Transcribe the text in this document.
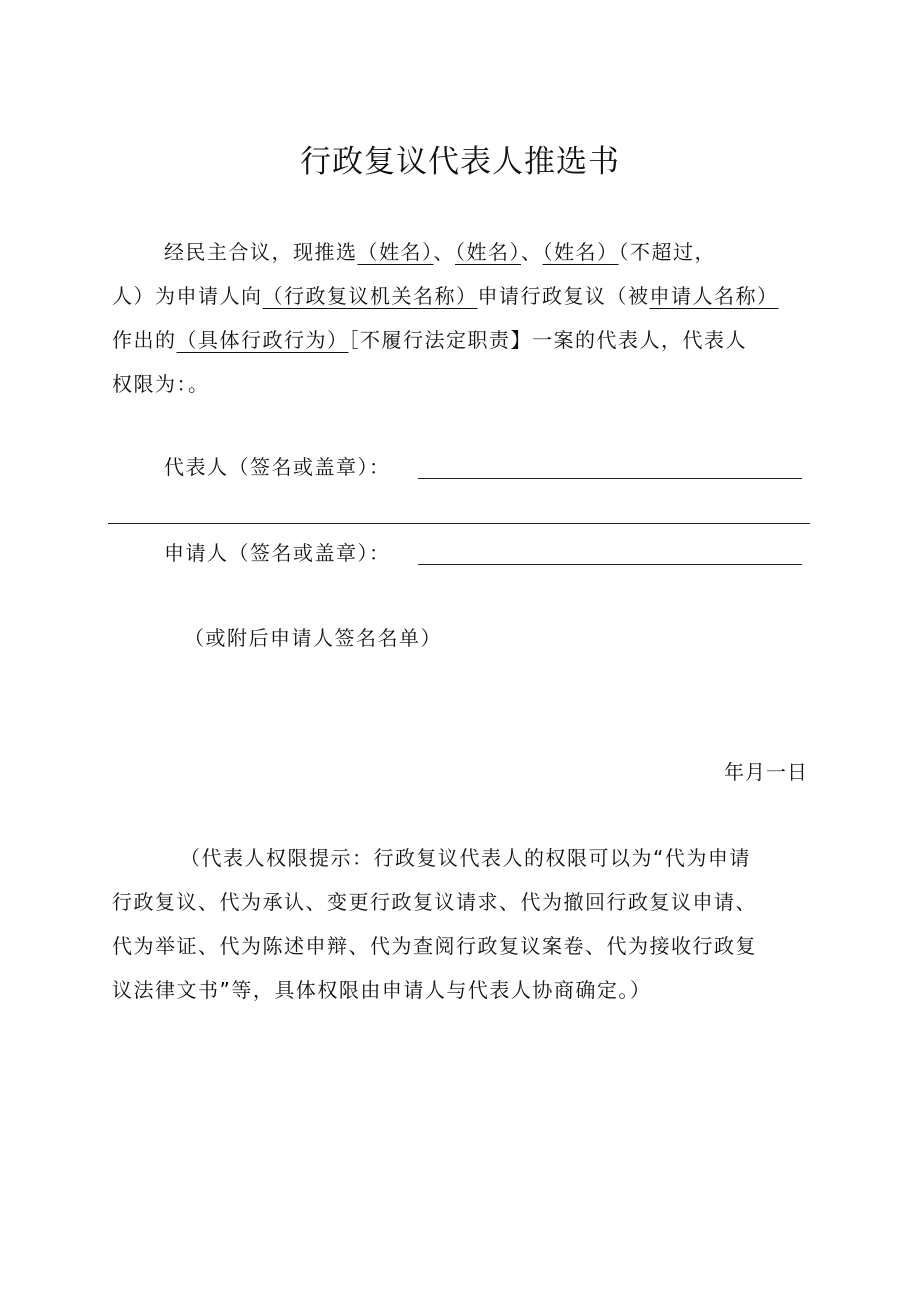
行政复议代表人推选书
经民主合议，现推选（姓名）、（姓名）、（姓名）（不超过，
人）为申请人向（行政复议机关名称）申请行政复议（被申请人名称）
作出的（具体行政行为）［不履行法定职责】一案的代表人，代表人
权限为：。
代表人（签名或盖章）：
申请人（签名或盖章）：
（或附后申请人签名名单）
年月一日
（代表人权限提示：行政复议代表人的权限可以为“代为申请
行政复议、代为承认、变更行政复议请求、代为撤回行政复议申请、
代为举证、代为陈述申辩、代为查阅行政复议案卷、代为接收行政复
议法律文书”等，具体权限由申请人与代表人协商确定。）
